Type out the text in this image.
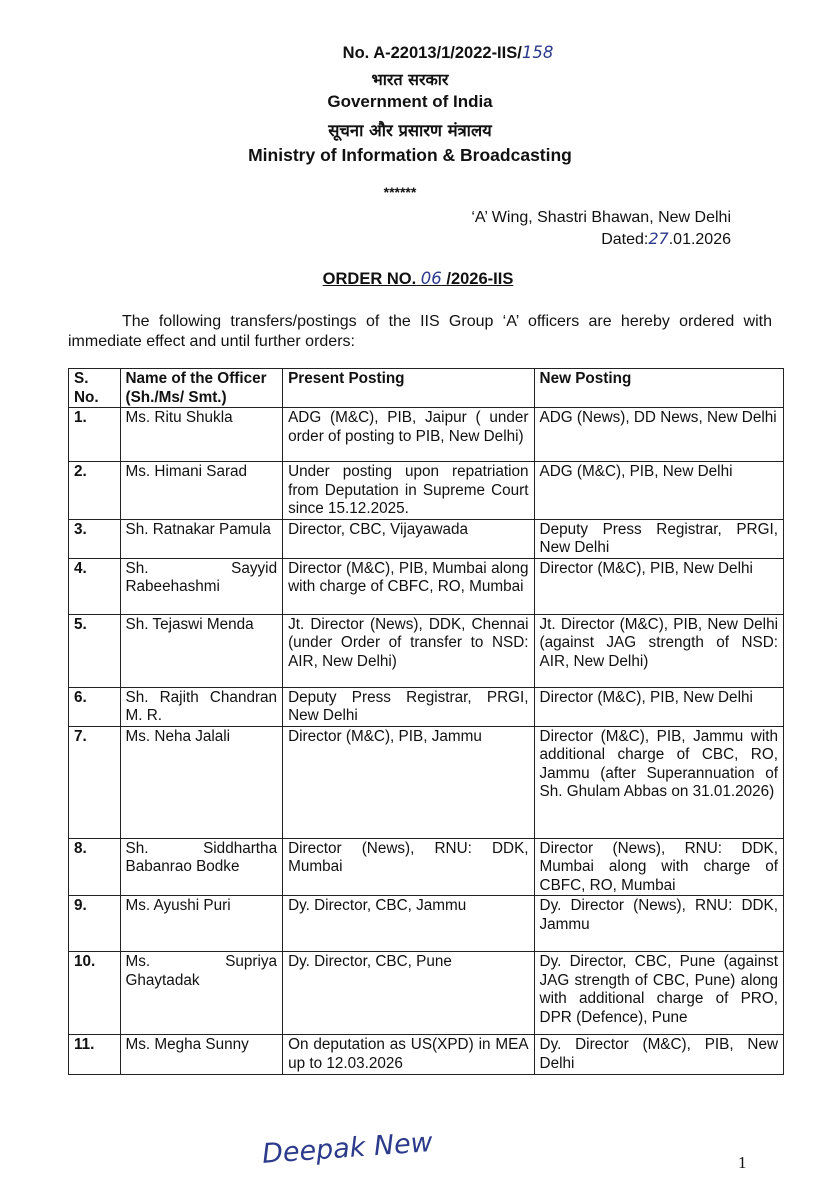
No. A-22013/1/2022-IIS/158
भारत सरकार
Government of India
सूचना और प्रसारण मंत्रालय
Ministry of Information & Broadcasting
******
‘A’ Wing, Shastri Bhawan, New Delhi
Dated:27.01.2026
ORDER NO. 06 /2026-IIS

The following transfers/postings of the IIS Group ‘A’ officers are hereby ordered with immediate effect and until further orders:

S. No.	Name of the Officer (Sh./Ms/ Smt.)	Present Posting	New Posting
1.	Ms. Ritu Shukla	ADG (M&C), PIB, Jaipur ( under order of posting to PIB, New Delhi)	ADG (News), DD News, New Delhi
2.	Ms. Himani Sarad	Under posting upon repatriation from Deputation in Supreme Court since 15.12.2025.	ADG (M&C), PIB, New Delhi
3.	Sh. Ratnakar Pamula	Director, CBC, Vijayawada	Deputy Press Registrar, PRGI, New Delhi
4.	Sh. Sayyid Rabeehashmi	Director (M&C), PIB, Mumbai along with charge of CBFC, RO, Mumbai	Director (M&C), PIB, New Delhi
5.	Sh. Tejaswi Menda	Jt. Director (News), DDK, Chennai (under Order of transfer to NSD: AIR, New Delhi)	Jt. Director (M&C), PIB, New Delhi (against JAG strength of NSD: AIR, New Delhi)
6.	Sh. Rajith Chandran M. R.	Deputy Press Registrar, PRGI, New Delhi	Director (M&C), PIB, New Delhi
7.	Ms. Neha Jalali	Director (M&C), PIB, Jammu	Director (M&C), PIB, Jammu with additional charge of CBC, RO, Jammu (after Superannuation of Sh. Ghulam Abbas on 31.01.2026)
8.	Sh. Siddhartha Babanrao Bodke	Director (News), RNU: DDK, Mumbai	Director (News), RNU: DDK, Mumbai along with charge of CBFC, RO, Mumbai
9.	Ms. Ayushi Puri	Dy. Director, CBC, Jammu	Dy. Director (News), RNU: DDK, Jammu
10.	Ms. Supriya Ghaytadak	Dy. Director, CBC, Pune	Dy. Director, CBC, Pune (against JAG strength of CBC, Pune) along with additional charge of PRO, DPR (Defence), Pune
11.	Ms. Megha Sunny	On deputation as US(XPD) in MEA up to 12.03.2026	Dy. Director (M&C), PIB, New Delhi
Deepak New	1
